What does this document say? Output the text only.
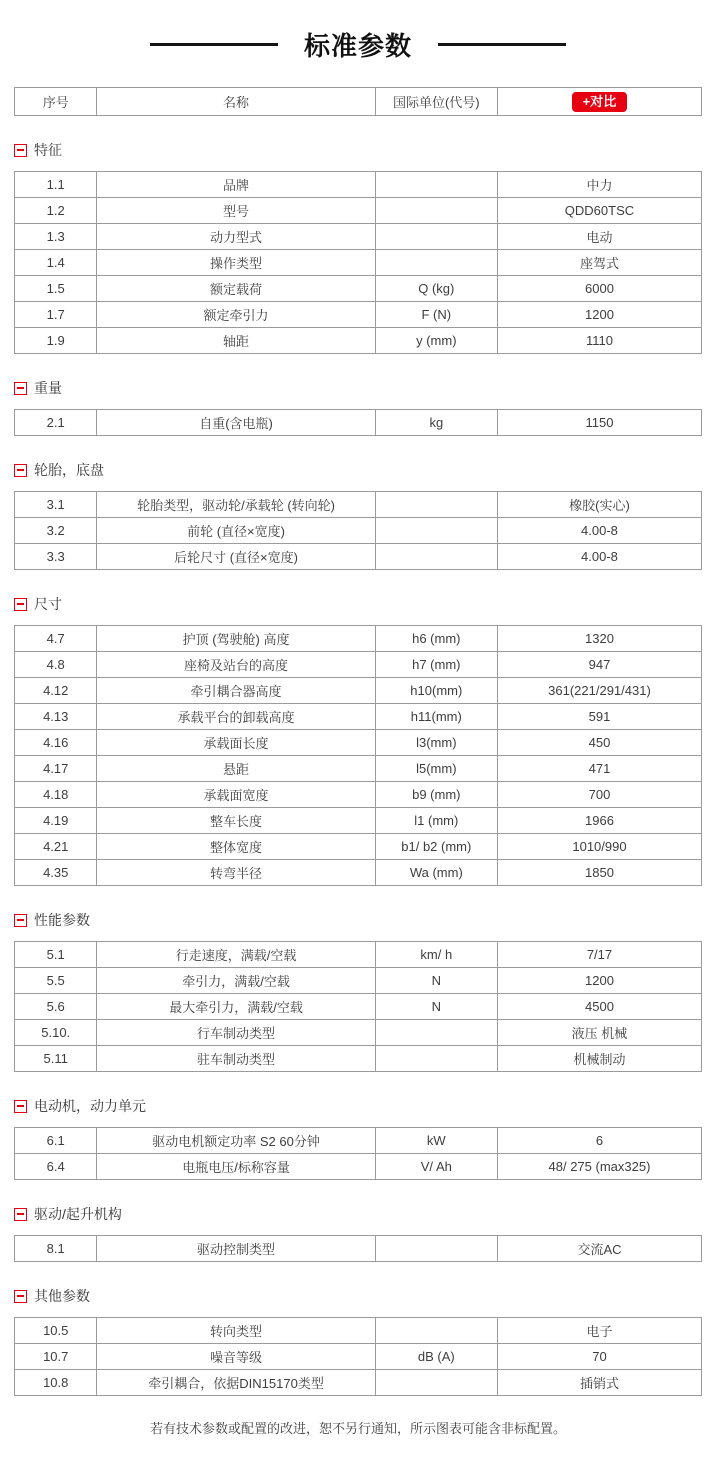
标准参数
序号	名称	国际单位(代号)	+对比
特征
1.1	品牌		中力
1.2	型号		QDD60TSC
1.3	动力型式		电动
1.4	操作类型		座驾式
1.5	额定载荷	Q (kg)	6000
1.7	额定牵引力	F (N)	1200
1.9	轴距	y (mm)	1110
重量
2.1	自重(含电瓶)	kg	1150
轮胎，底盘
3.1	轮胎类型，驱动轮/承载轮 (转向轮)		橡胶(实心)
3.2	前轮 (直径×宽度)		4.00-8
3.3	后轮尺寸 (直径×宽度)		4.00-8
尺寸
4.7	护顶 (驾驶舱) 高度	h6 (mm)	1320
4.8	座椅及站台的高度	h7 (mm)	947
4.12	牵引耦合器高度	h10(mm)	361(221/291/431)
4.13	承载平台的卸载高度	h11(mm)	591
4.16	承载面长度	l3(mm)	450
4.17	悬距	l5(mm)	471
4.18	承载面宽度	b9 (mm)	700
4.19	整车长度	l1 (mm)	1966
4.21	整体宽度	b1/ b2 (mm)	1010/990
4.35	转弯半径	Wa (mm)	1850
性能参数
5.1	行走速度，满载/空载	km/ h	7/17
5.5	牵引力，满载/空载	N	1200
5.6	最大牵引力，满载/空载	N	4500
5.10.	行车制动类型		液压 机械
5.11	驻车制动类型		机械制动
电动机，动力单元
6.1	驱动电机额定功率 S2 60分钟	kW	6
6.4	电瓶电压/标称容量	V/ Ah	48/ 275 (max325)
驱动/起升机构
8.1	驱动控制类型		交流AC
其他参数
10.5	转向类型		电子
10.7	噪音等级	dB (A)	70
10.8	牵引耦合，依据DIN15170类型		插销式

若有技术参数或配置的改进，恕不另行通知，所示图表可能含非标配置。
